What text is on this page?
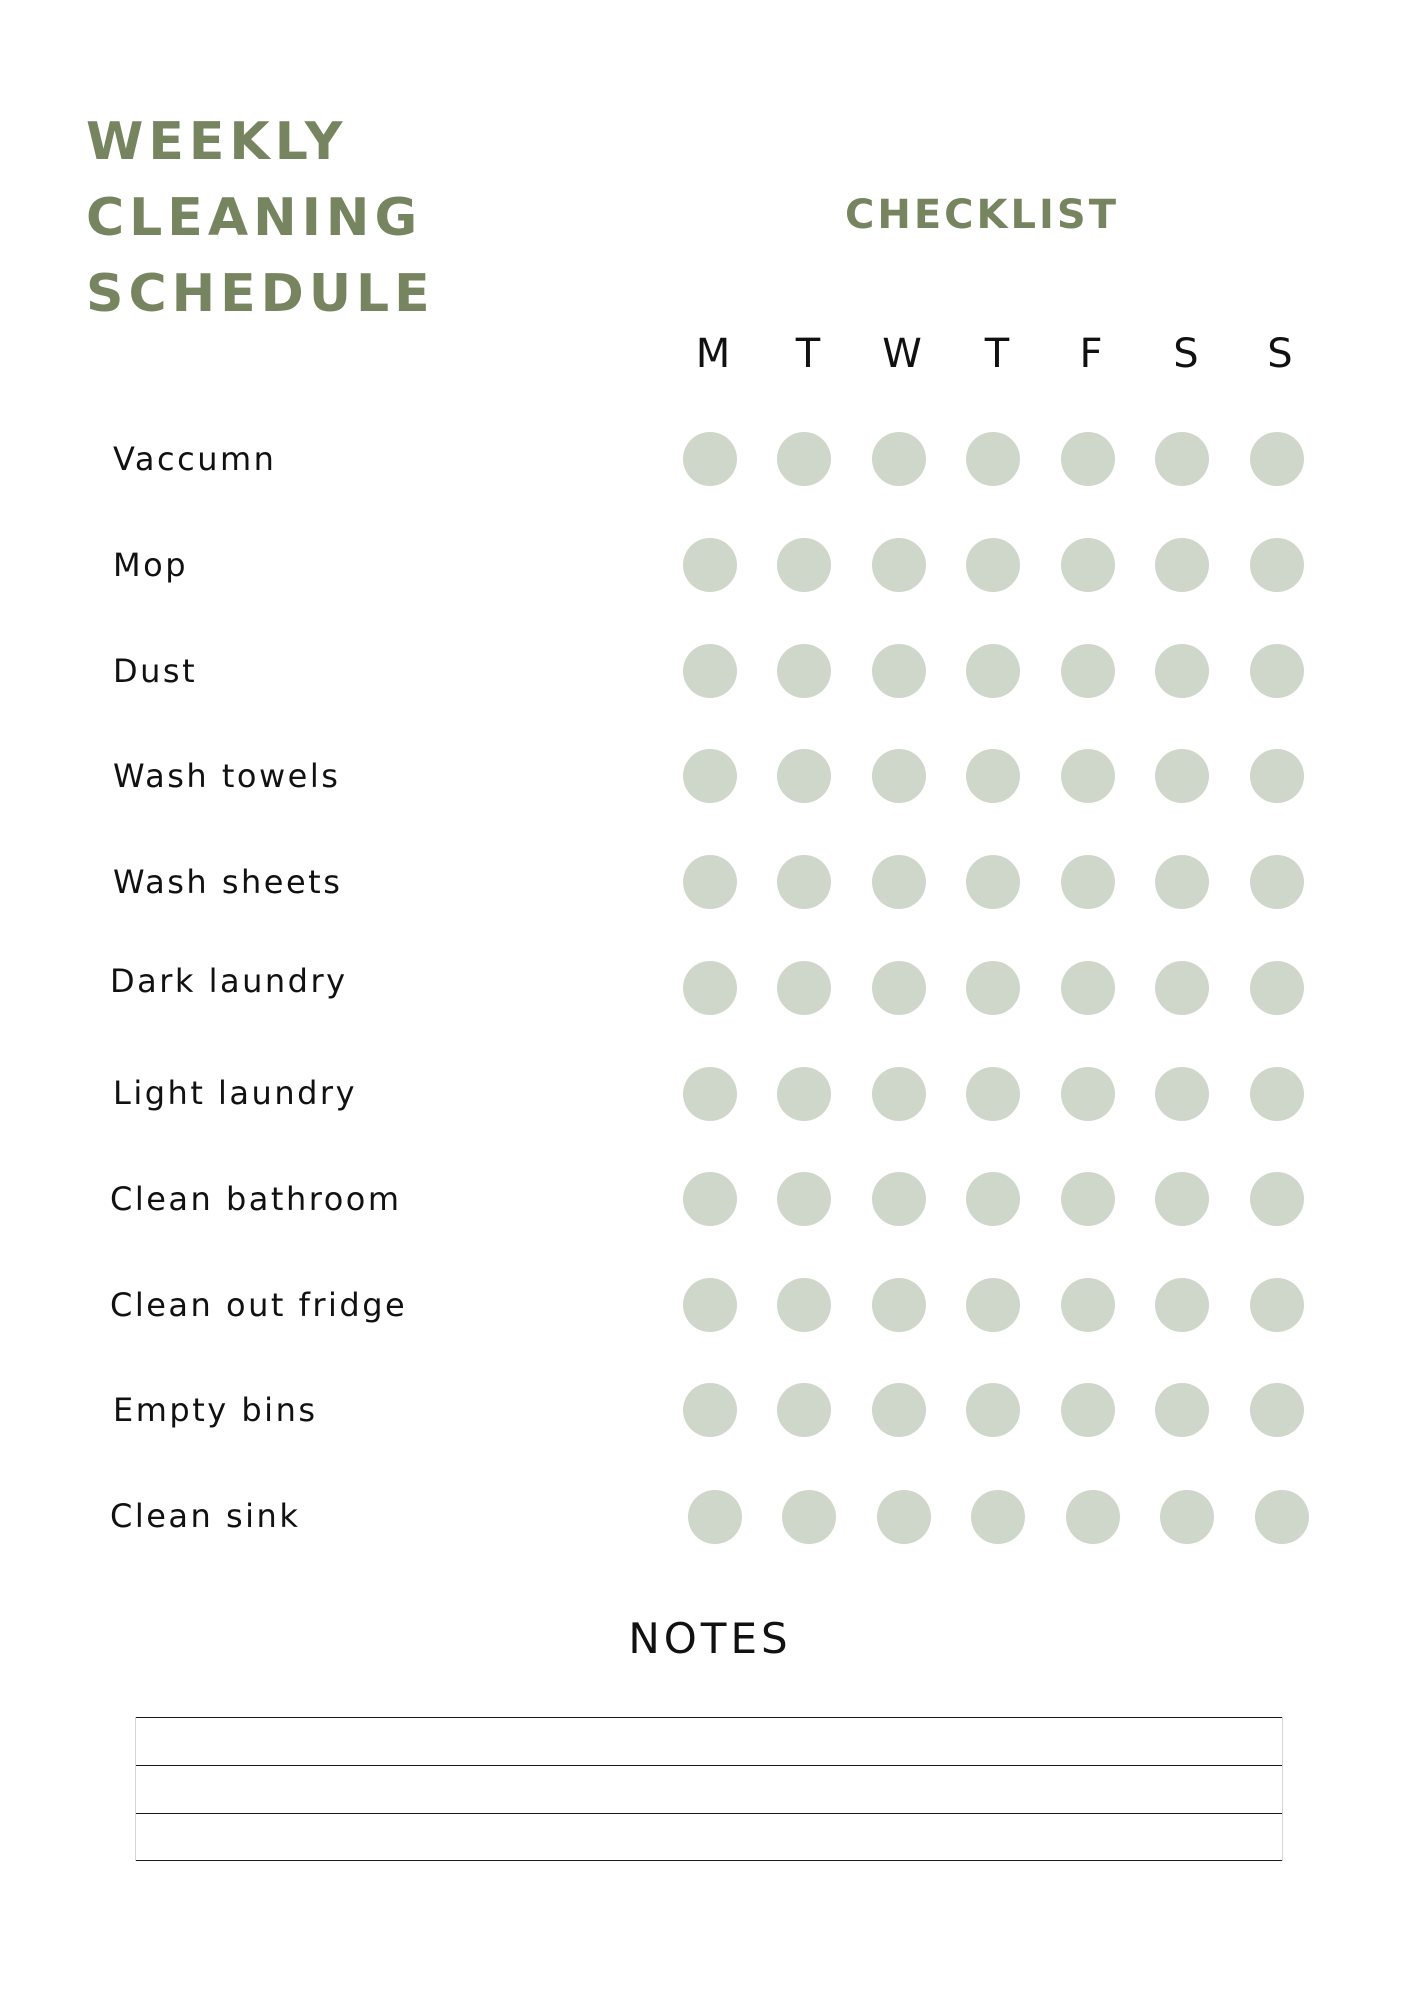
WEEKLY
CLEANING
SCHEDULE
CHECKLIST
M	T	W	T	F	S	S
Vaccumn
Mop
Dust
Wash towels
Wash sheets
Dark laundry
Light laundry
Clean bathroom
Clean out fridge
Empty bins
Clean sink
NOTES
